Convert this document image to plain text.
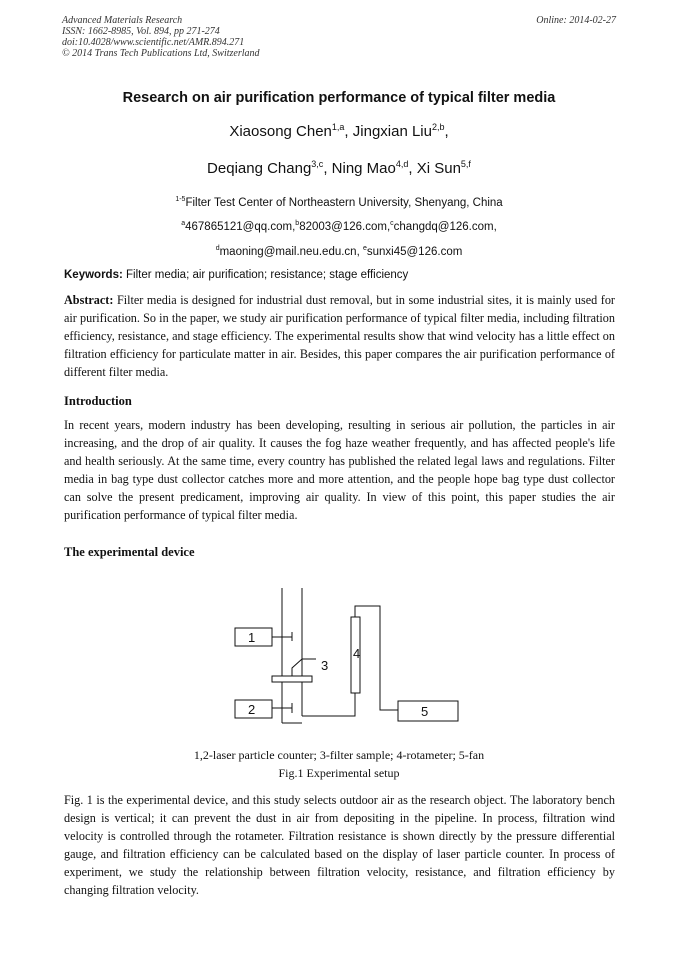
Advanced Materials Research
ISSN: 1662-8985, Vol. 894, pp 271-274
doi:10.4028/www.scientific.net/AMR.894.271
© 2014 Trans Tech Publications Ltd, Switzerland
Online: 2014-02-27
Research on air purification performance of typical filter media
Xiaosong Chen$^{1,a}$, Jingxian Liu$^{2,b}$,
Deqiang Chang$^{3,c}$, Ning Mao$^{4,d}$, Xi Sun$^{5,f}$
$^{1-5}$Filter Test Center of Northeastern University, Shenyang, China
$^a$467865121@qq.com,$^b$82003@126.com,$^c$changdq@126.com,
$^d$maoning@mail.neu.edu.cn, $^e$sunxi45@126.com
Keywords: Filter media; air purification; resistance; stage efficiency
Abstract: Filter media is designed for industrial dust removal, but in some industrial sites, it is mainly used for air purification. So in the paper, we study air purification performance of typical filter media, including filtration efficiency, resistance, and stage efficiency. The experimental results show that wind velocity has a little effect on filtration efficiency for particulate matter in air. Besides, this paper compares the air purification performance of different filter media.
Introduction
In recent years, modern industry has been developing, resulting in serious air pollution, the particles in air increasing, and the drop of air quality. It causes the fog haze weather frequently, and has affected people's life and health seriously. At the same time, every country has published the related legal laws and regulations. Filter media in bag type dust collector catches more and more attention, and the people hope bag type dust collector can solve the present predicament, improving air quality. In view of this point, this paper studies the air purification performance of typical filter media.
The experimental device
1
2
3
4
5
1,2-laser particle counter; 3-filter sample; 4-rotameter; 5-fan
Fig.1 Experimental setup
Fig. 1 is the experimental device, and this study selects outdoor air as the research object. The laboratory bench design is vertical; it can prevent the dust in air from depositing in the pipeline. In process, filtration wind velocity is controlled through the rotameter. Filtration resistance is shown directly by the pressure differential gauge, and filtration efficiency can be calculated based on the display of laser particle counter. In process of experiment, we study the relationship between filtration velocity, resistance, and filtration efficiency by changing filtration velocity.
